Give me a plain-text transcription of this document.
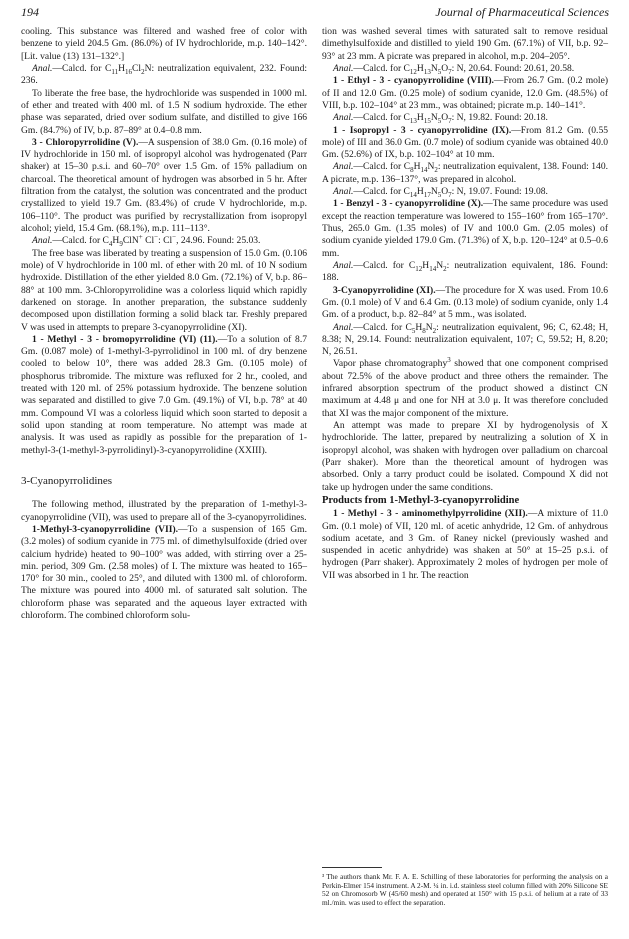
194	Journal of Pharmaceutical Sciences

cooling. This substance was filtered and washed free of color with benzene to yield 204.5 Gm. (86.0%) of IV hydrochloride, m.p. 140–142°. [Lit. value (13) 131–132°.]

Anal.—Calcd. for $C_{11}H_{16}Cl_2N$: neutralization equivalent, 232. Found: 236.

To liberate the free base, the hydrochloride was suspended in 1000 ml. of ether and treated with 400 ml. of 1.5 N sodium hydroxide. The ether phase was separated, dried over sodium sulfate, and distilled to give 166 Gm. (84.7%) of IV, b.p. 87–89° at 0.4–0.8 mm.

3 - Chloropyrrolidine (V).—A suspension of 38.0 Gm. (0.16 mole) of IV hydrochloride in 150 ml. of isopropyl alcohol was hydrogenated (Parr shaker) at 15–30 p.s.i. and 60–70° over 1.5 Gm. of 15% palladium on charcoal. The theoretical amount of hydrogen was absorbed in 5 hr. After filtration from the catalyst, the solution was concentrated and the product crystallized to yield 19.7 Gm. (83.4%) of crude V hydrochloride, m.p. 106–110°. The product was purified by recrystallization from isopropyl alcohol; yield, 15.4 Gm. (68.1%), m.p. 111–113°.

Anal.—Calcd. for $C_4H_9ClN^+$ Cl−: Cl−, 24.96. Found: 25.03.

The free base was liberated by treating a suspension of 15.0 Gm. (0.106 mole) of V hydrochloride in 100 ml. of ether with 20 ml. of 10 N sodium hydroxide. Distillation of the ether yielded 8.0 Gm. (72.1%) of V, b.p. 86–88° at 100 mm. 3-Chloropyrrolidine was a colorless liquid which rapidly darkened on storage. In another preparation, the substance suddenly decomposed upon distillation forming a solid black tar. Freshly prepared V was used in attempts to prepare 3-cyanopyrrolidine (XI).

1 - Methyl - 3 - bromopyrrolidine (VI) (11).—To a solution of 8.7 Gm. (0.087 mole) of 1-methyl-3-pyrrolidinol in 100 ml. of dry benzene cooled to below 10°, there was added 28.3 Gm. (0.105 mole) of phosphorus tribromide. The mixture was refluxed for 2 hr., cooled, and treated with 120 ml. of 25% potassium hydroxide. The benzene solution was separated and distilled to give 7.0 Gm. (49.1%) of VI, b.p. 78° at 40 mm. Compound VI was a colorless liquid which soon started to deposit a solid upon standing at room temperature. No attempt was made at analysis. It was used as rapidly as possible for the preparation of 1-methyl-3-(1-methyl-3-pyrrolidinyl)-3-cyanopyrrolidine (XXIII).

3-Cyanopyrrolidines

The following method, illustrated by the preparation of 1-methyl-3-cyanopyrrolidine (VII), was used to prepare all of the 3-cyanopyrrolidines.

1-Methyl-3-cyanopyrrolidine (VII).—To a suspension of 165 Gm. (3.2 moles) of sodium cyanide in 775 ml. of dimethylsulfoxide (dried over calcium hydride) heated to 90–100° was added, with stirring over a 25-min. period, 309 Gm. (2.58 moles) of I. The mixture was heated to 165–170° for 30 min., cooled to 25°, and diluted with 1300 ml. of chloroform. The mixture was poured into 4000 ml. of saturated salt solution. The chloroform phase was separated and the aqueous layer extracted with chloroform. The combined chloroform solu-

tion was washed several times with saturated salt to remove residual dimethylsulfoxide and distilled to yield 190 Gm. (67.1%) of VII, b.p. 92–93° at 23 mm. A picrate was prepared in alcohol, m.p. 204–205°.

Anal.—Calcd. for $C_{12}H_{13}N_5O_7$: N, 20.64. Found: 20.61, 20.58.

1 - Ethyl - 3 - cyanopyrrolidine (VIII).—From 26.7 Gm. (0.2 mole) of II and 12.0 Gm. (0.25 mole) of sodium cyanide, 12.0 Gm. (48.5%) of VIII, b.p. 102–104° at 23 mm., was obtained; picrate m.p. 140–141°.

Anal.—Calcd. for $C_{13}H_{15}N_5O_7$: N, 19.82. Found: 20.18.

1 - Isopropyl - 3 - cyanopyrrolidine (IX).—From 81.2 Gm. (0.55 mole) of III and 36.0 Gm. (0.7 mole) of sodium cyanide was obtained 40.0 Gm. (52.6%) of IX, b.p. 102–104° at 10 mm.

Anal.—Calcd. for $C_8H_{14}N_2$: neutralization equivalent, 138. Found: 140. A picrate, m.p. 136–137°, was prepared in alcohol.

Anal.—Calcd. for $C_{14}H_{17}N_5O_7$: N, 19.07. Found: 19.08.

1 - Benzyl - 3 - cyanopyrrolidine (X).—The same procedure was used except the reaction temperature was lowered to 155–160° from 165–170°. Thus, 265.0 Gm. (1.35 moles) of IV and 100.0 Gm. (2.05 moles) of sodium cyanide yielded 179.0 Gm. (71.3%) of X, b.p. 120–124° at 0.5–0.6 mm.

Anal.—Calcd. for $C_{12}H_{14}N_2$: neutralization equivalent, 186. Found: 188.

3-Cyanopyrrolidine (XI).—The procedure for X was used. From 10.6 Gm. (0.1 mole) of V and 6.4 Gm. (0.13 mole) of sodium cyanide, only 1.4 Gm. of a product, b.p. 82–84° at 5 mm., was isolated.

Anal.—Calcd. for $C_5H_8N_2$: neutralization equivalent, 96; C, 62.48; H, 8.38; N, 29.14. Found: neutralization equivalent, 107; C, 59.52; H, 8.20; N, 26.51.

Vapor phase chromatography$^3$ showed that one component comprised about 72.5% of the above product and three others the remainder. The infrared absorption spectrum of the product showed a distinct CN maximum at 4.48 μ and one for NH at 3.0 μ. It was therefore concluded that XI was the major component of the mixture.

An attempt was made to prepare XI by hydrogenolysis of X hydrochloride. The latter, prepared by neutralizing a solution of X in isopropyl alcohol, was shaken with hydrogen over palladium on charcoal (Parr shaker). More than the theoretical amount of hydrogen was absorbed. Only a tarry product could be isolated. Compound X did not take up hydrogen under the same conditions.

Products from 1-Methyl-3-cyanopyrrolidine

1 - Methyl - 3 - aminomethylpyrrolidine (XII).—A mixture of 11.0 Gm. (0.1 mole) of VII, 120 ml. of acetic anhydride, 12 Gm. of anhydrous sodium acetate, and 3 Gm. of Raney nickel (previously washed and suspended in acetic anhydride) was shaken at 50° at 15–25 p.s.i. of hydrogen (Parr shaker). Approximately 2 moles of hydrogen per mole of VII was absorbed in 1 hr. The reaction

³ The authors thank Mr. F. A. E. Schilling of these laboratories for performing the analysis on a Perkin-Elmer 154 instrument. A 2-M. ¼ in. i.d. stainless steel column filled with 20% Silicone SE 52 on Chromosorb W (45/60 mesh) and operated at 150° with 15 p.s.i. of helium at a rate of 33 ml./min. was used to effect the separation.
